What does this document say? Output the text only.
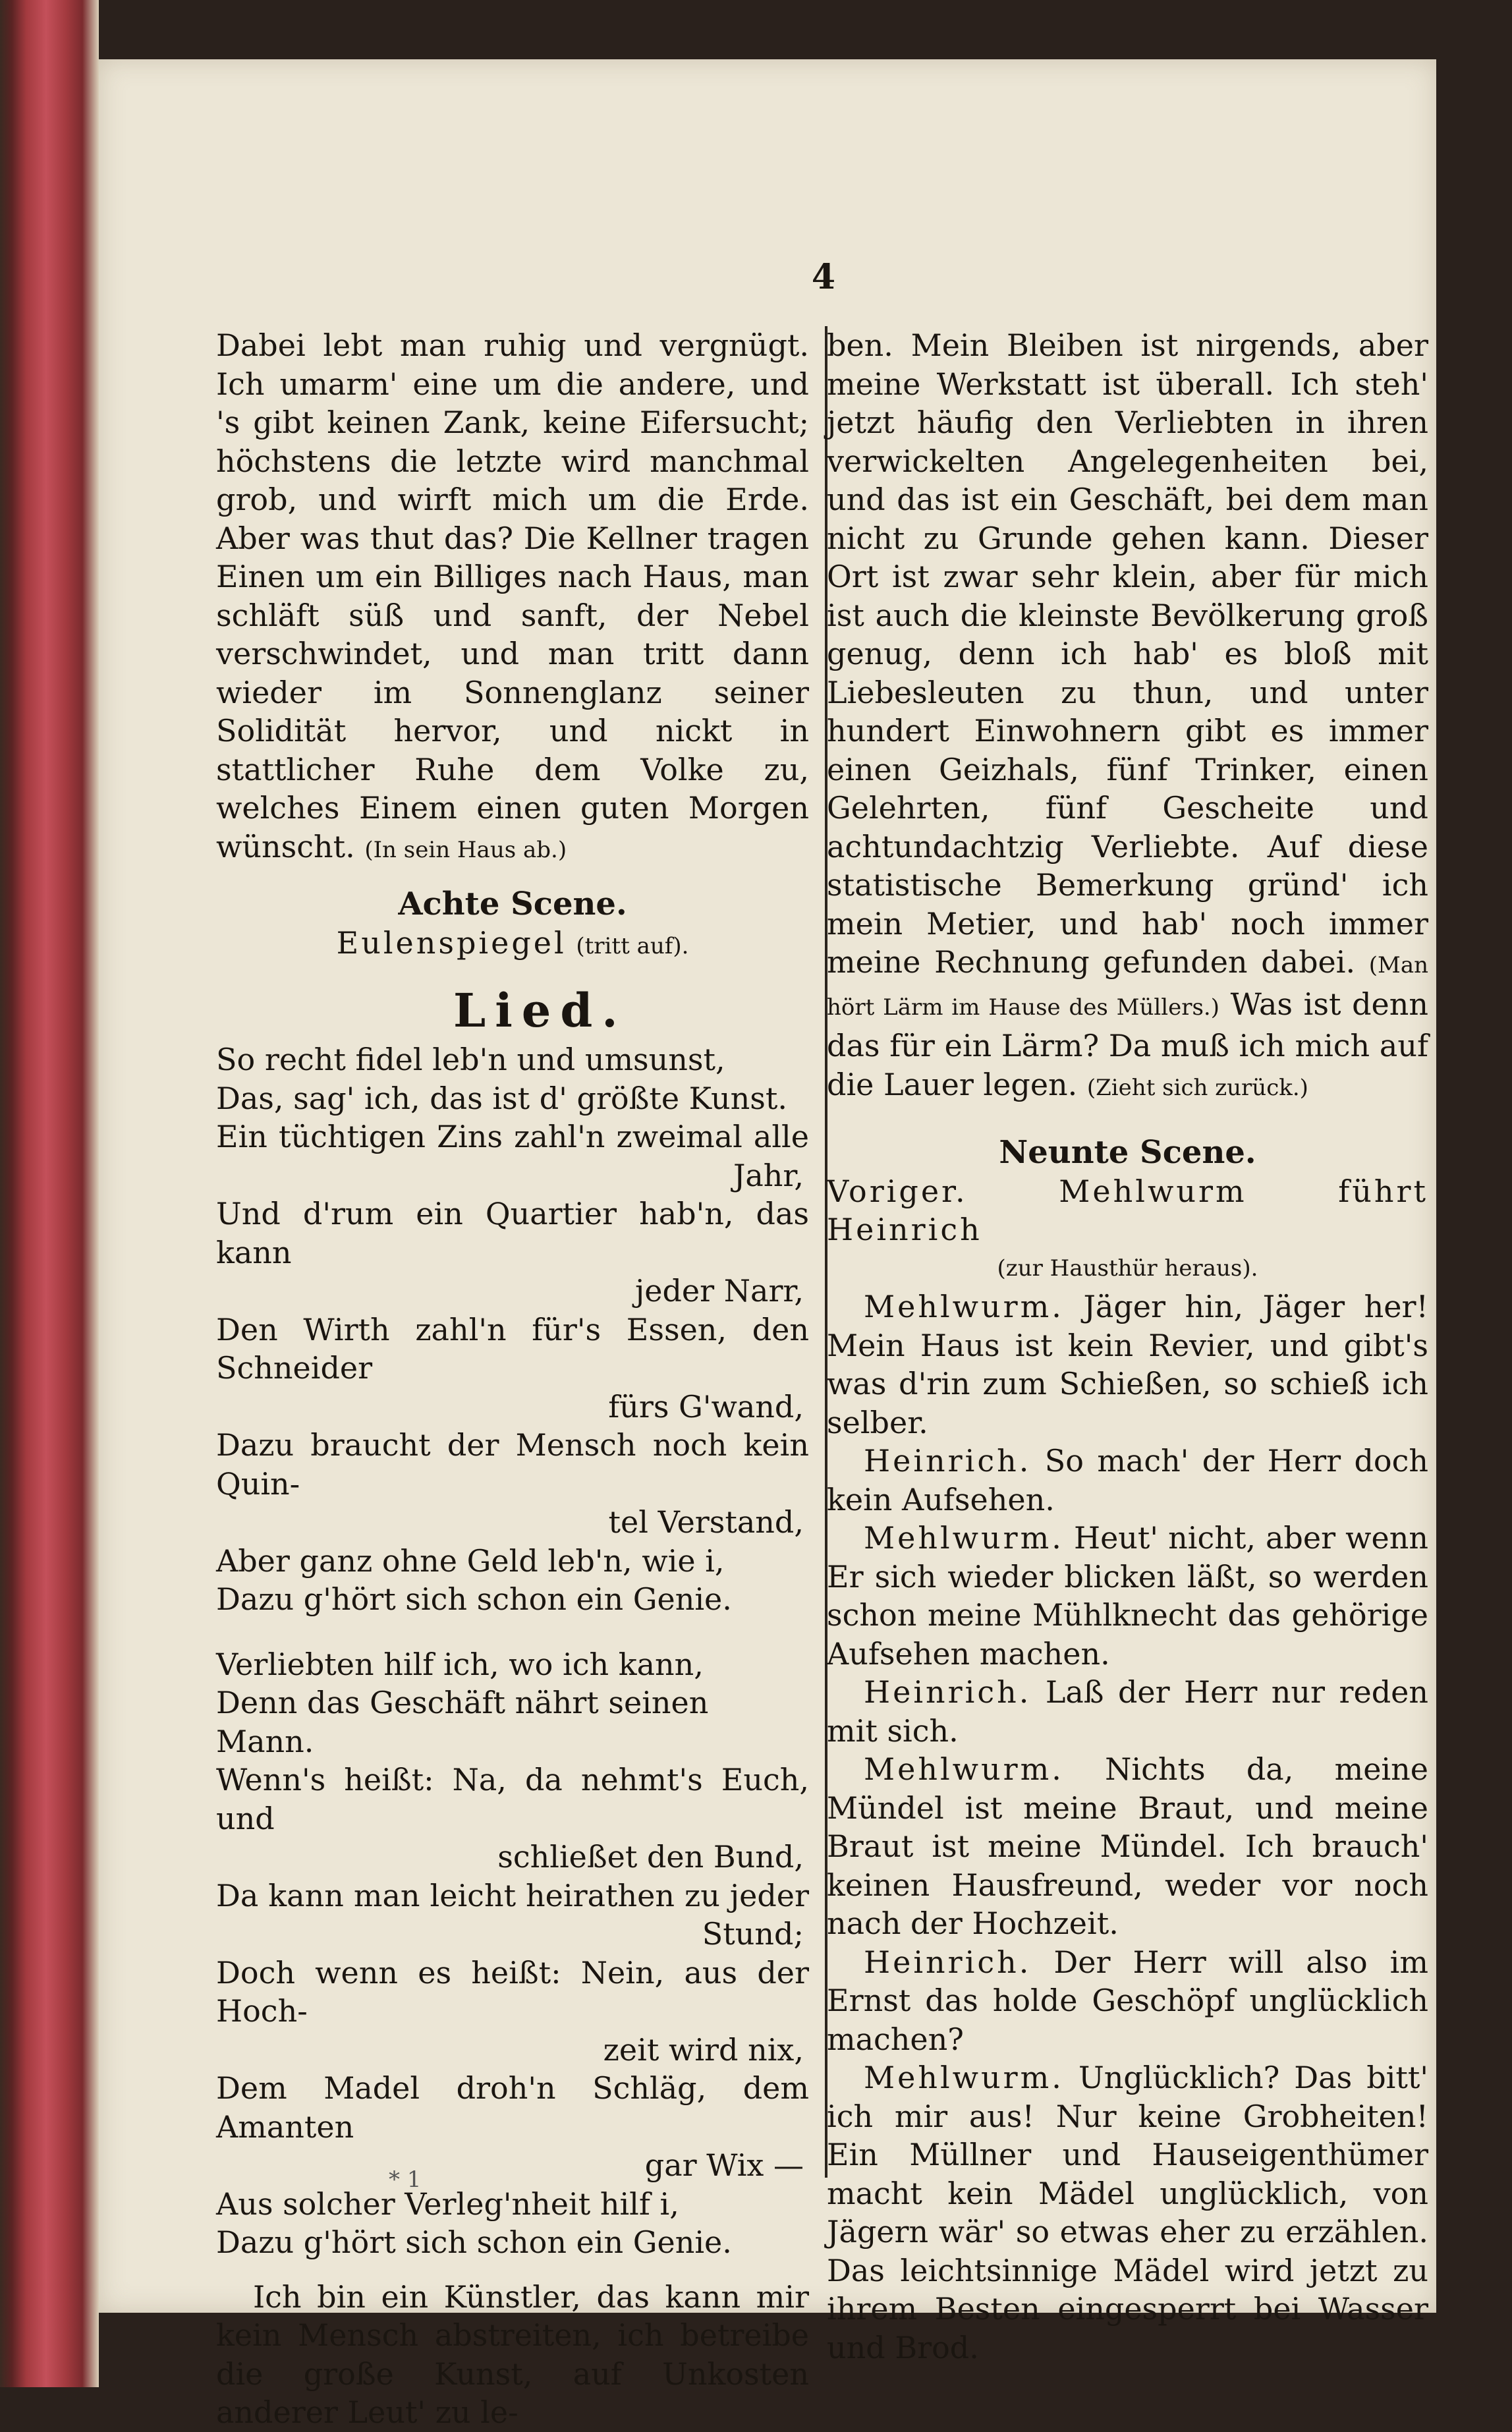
4

Dabei lebt man ruhig und vergnügt. Ich umarm' eine um die andere, und 's gibt keinen Zank, keine Eifersucht; höchstens die letzte wird manchmal grob, und wirft mich um die Erde. Aber was thut das? Die Kellner tragen Einen um ein Billiges nach Haus, man schläft süß und sanft, der Nebel verschwindet, und man tritt dann wieder im Sonnenglanz seiner Solidität hervor, und nickt in stattlicher Ruhe dem Volke zu, welches Einem einen guten Morgen wünscht. (In sein Haus ab.)

Achte Scene.

Eulenspiegel (tritt auf).

Lied.

So recht fidel leb'n und umsunst,

Das, sag' ich, das ist d' größte Kunst.

Ein tüchtigen Zins zahl'n zweimal alle

Jahr,

Und d'rum ein Quartier hab'n, das kann

jeder Narr,

Den Wirth zahl'n für's Essen, den Schneider

fürs G'wand,

Dazu braucht der Mensch noch kein Quin-

tel Verstand,

Aber ganz ohne Geld leb'n, wie i,

Dazu g'hört sich schon ein Genie.

Verliebten hilf ich, wo ich kann,

Denn das Geschäft nährt seinen Mann.

Wenn's heißt: Na, da nehmt's Euch, und

schließet den Bund,

Da kann man leicht heirathen zu jeder

Stund;

Doch wenn es heißt: Nein, aus der Hoch-

zeit wird nix,

Dem Madel droh'n Schläg, dem Amanten

gar Wix —

Aus solcher Verleg'nheit hilf i,

Dazu g'hört sich schon ein Genie.

Ich bin ein Künstler, das kann mir kein Mensch abstreiten, ich betreibe die große Kunst, auf Unkosten anderer Leut' zu le-

* 1

ben. Mein Bleiben ist nirgends, aber meine Werkstatt ist überall. Ich steh' jetzt häufig den Verliebten in ihren verwickelten Angelegenheiten bei, und das ist ein Geschäft, bei dem man nicht zu Grunde gehen kann. Dieser Ort ist zwar sehr klein, aber für mich ist auch die kleinste Bevölkerung groß genug, denn ich hab' es bloß mit Liebesleuten zu thun, und unter hundert Einwohnern gibt es immer einen Geizhals, fünf Trinker, einen Gelehrten, fünf Gescheite und achtundachtzig Verliebte. Auf diese statistische Bemerkung gründ' ich mein Metier, und hab' noch immer meine Rechnung gefunden dabei. (Man hört Lärm im Hause des Müllers.) Was ist denn das für ein Lärm? Da muß ich mich auf die Lauer legen. (Zieht sich zurück.)

Neunte Scene.

Voriger. Mehlwurm führt Heinrich

(zur Hausthür heraus).

Mehlwurm. Jäger hin, Jäger her! Mein Haus ist kein Revier, und gibt's was d'rin zum Schießen, so schieß ich selber.

Heinrich. So mach' der Herr doch kein Aufsehen.

Mehlwurm. Heut' nicht, aber wenn Er sich wieder blicken läßt, so werden schon meine Mühlknecht das gehörige Aufsehen machen.

Heinrich. Laß der Herr nur reden mit sich.

Mehlwurm. Nichts da, meine Mündel ist meine Braut, und meine Braut ist meine Mündel. Ich brauch' keinen Hausfreund, weder vor noch nach der Hochzeit.

Heinrich. Der Herr will also im Ernst das holde Geschöpf unglücklich machen?

Mehlwurm. Unglücklich? Das bitt' ich mir aus! Nur keine Grobheiten! Ein Müllner und Hauseigenthümer macht kein Mädel unglücklich, von Jägern wär' so etwas eher zu erzählen. Das leichtsinnige Mädel wird jetzt zu ihrem Besten eingesperrt bei Wasser und Brod.
